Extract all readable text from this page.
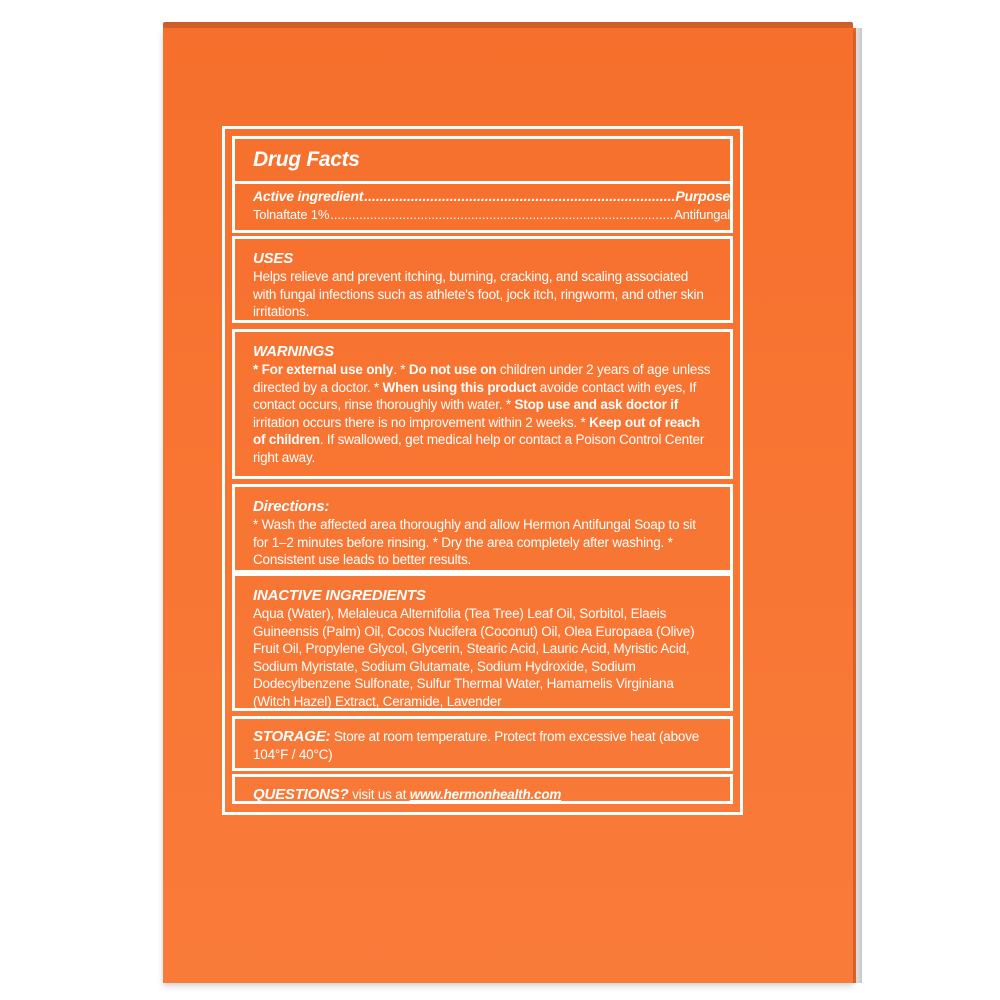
Drug Facts
Active ingredient .....	Purpose
Tolnaftate 1% .....	Antifungal
USES

Helps relieve and prevent itching, burning, cracking, and scaling associated with fungal infections such as athlete's foot, jock itch, ringworm, and other skin irritations.

WARNINGS

* For external use only. * Do not use on children under 2 years of age unless directed by a doctor. * When using this product avoide contact with eyes, If contact occurs, rinse thoroughly with water. * Stop use and ask doctor if irritation occurs there is no improvement within 2 weeks. * Keep out of reach of children. If swallowed, get medical help or contact a Poison Control Center right away.

Directions:

* Wash the affected area thoroughly and allow Hermon Antifungal Soap to sit for 1–2 minutes before rinsing. * Dry the area completely after washing. * Consistent use leads to better results.

INACTIVE INGREDIENTS

Aqua (Water), Melaleuca Alternifolia (Tea Tree) Leaf Oil, Sorbitol, Elaeis Guineensis (Palm) Oil, Cocos Nucifera (Coconut) Oil, Olea Europaea (Olive) Fruit Oil, Propylene Glycol, Glycerin, Stearic Acid, Lauric Acid, Myristic Acid, Sodium Myristate, Sodium Glutamate, Sodium Hydroxide, Sodium Dodecylbenzene Sulfonate, Sulfur Thermal Water, Hamamelis Virginiana (Witch Hazel) Extract, Ceramide, Lavender

STORAGE: Store at room temperature. Protect from excessive heat (above 104°F / 40°C)

QUESTIONS? visit us at www.hermonhealth.com
